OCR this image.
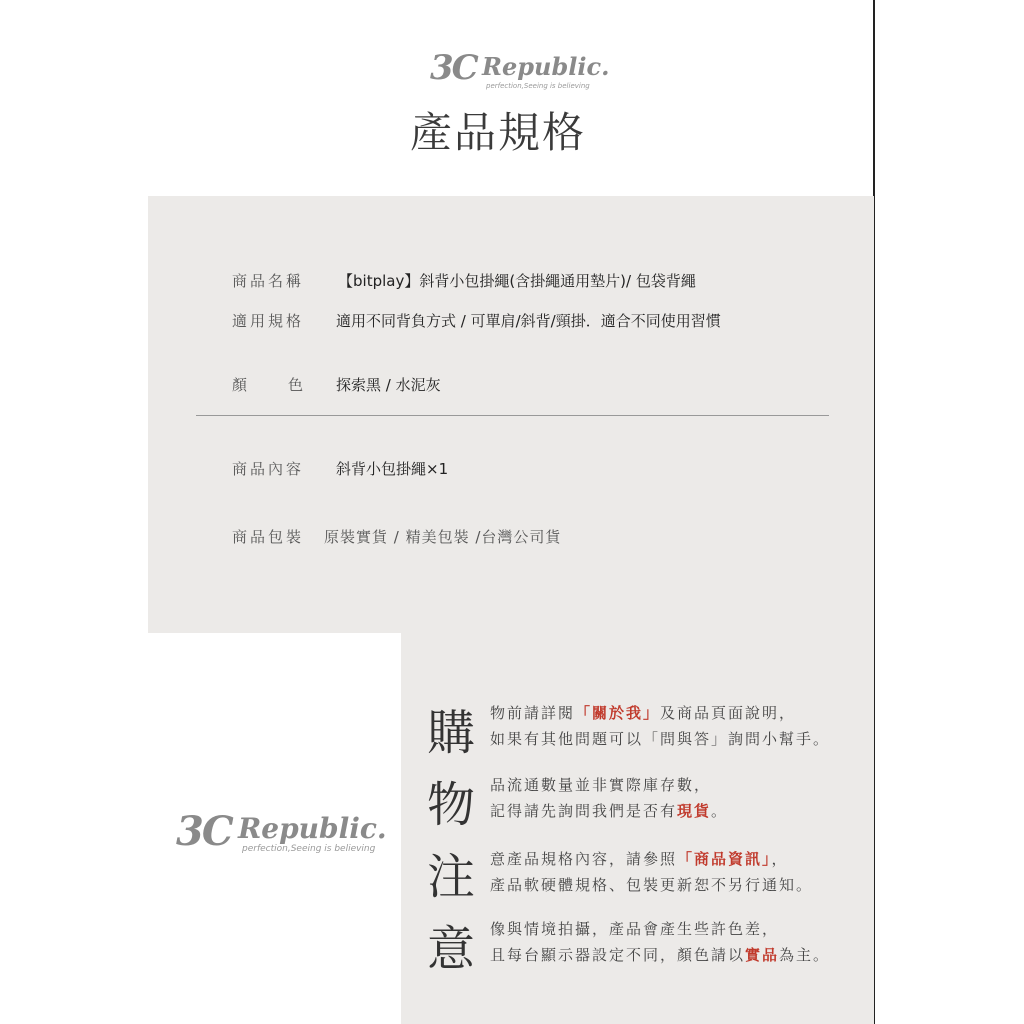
3C Republic.
perfection,Seeing is believing
產品規格
商品名稱 【bitplay】斜背小包掛繩(含掛繩通用墊片)/ 包袋背繩
適用規格 適用不同背負方式 / 可單肩/斜背/頸掛．適合不同使用習慣
顏	色 探索黑 / 水泥灰
商品內容 斜背小包掛繩×1
商品包裝 原裝實貨 / 精美包裝 /台灣公司貨
3C Republic.
perfection,Seeing is believing
購 物前請詳閱「關於我」及商品頁面說明，
如果有其他問題可以「問與答」詢問小幫手。
物 品流通數量並非實際庫存數，
記得請先詢問我們是否有現貨。
注 意產品規格內容，請參照「商品資訊」，
產品軟硬體規格、包裝更新恕不另行通知。
意 像與情境拍攝，產品會產生些許色差，
且每台顯示器設定不同，顏色請以實品為主。
